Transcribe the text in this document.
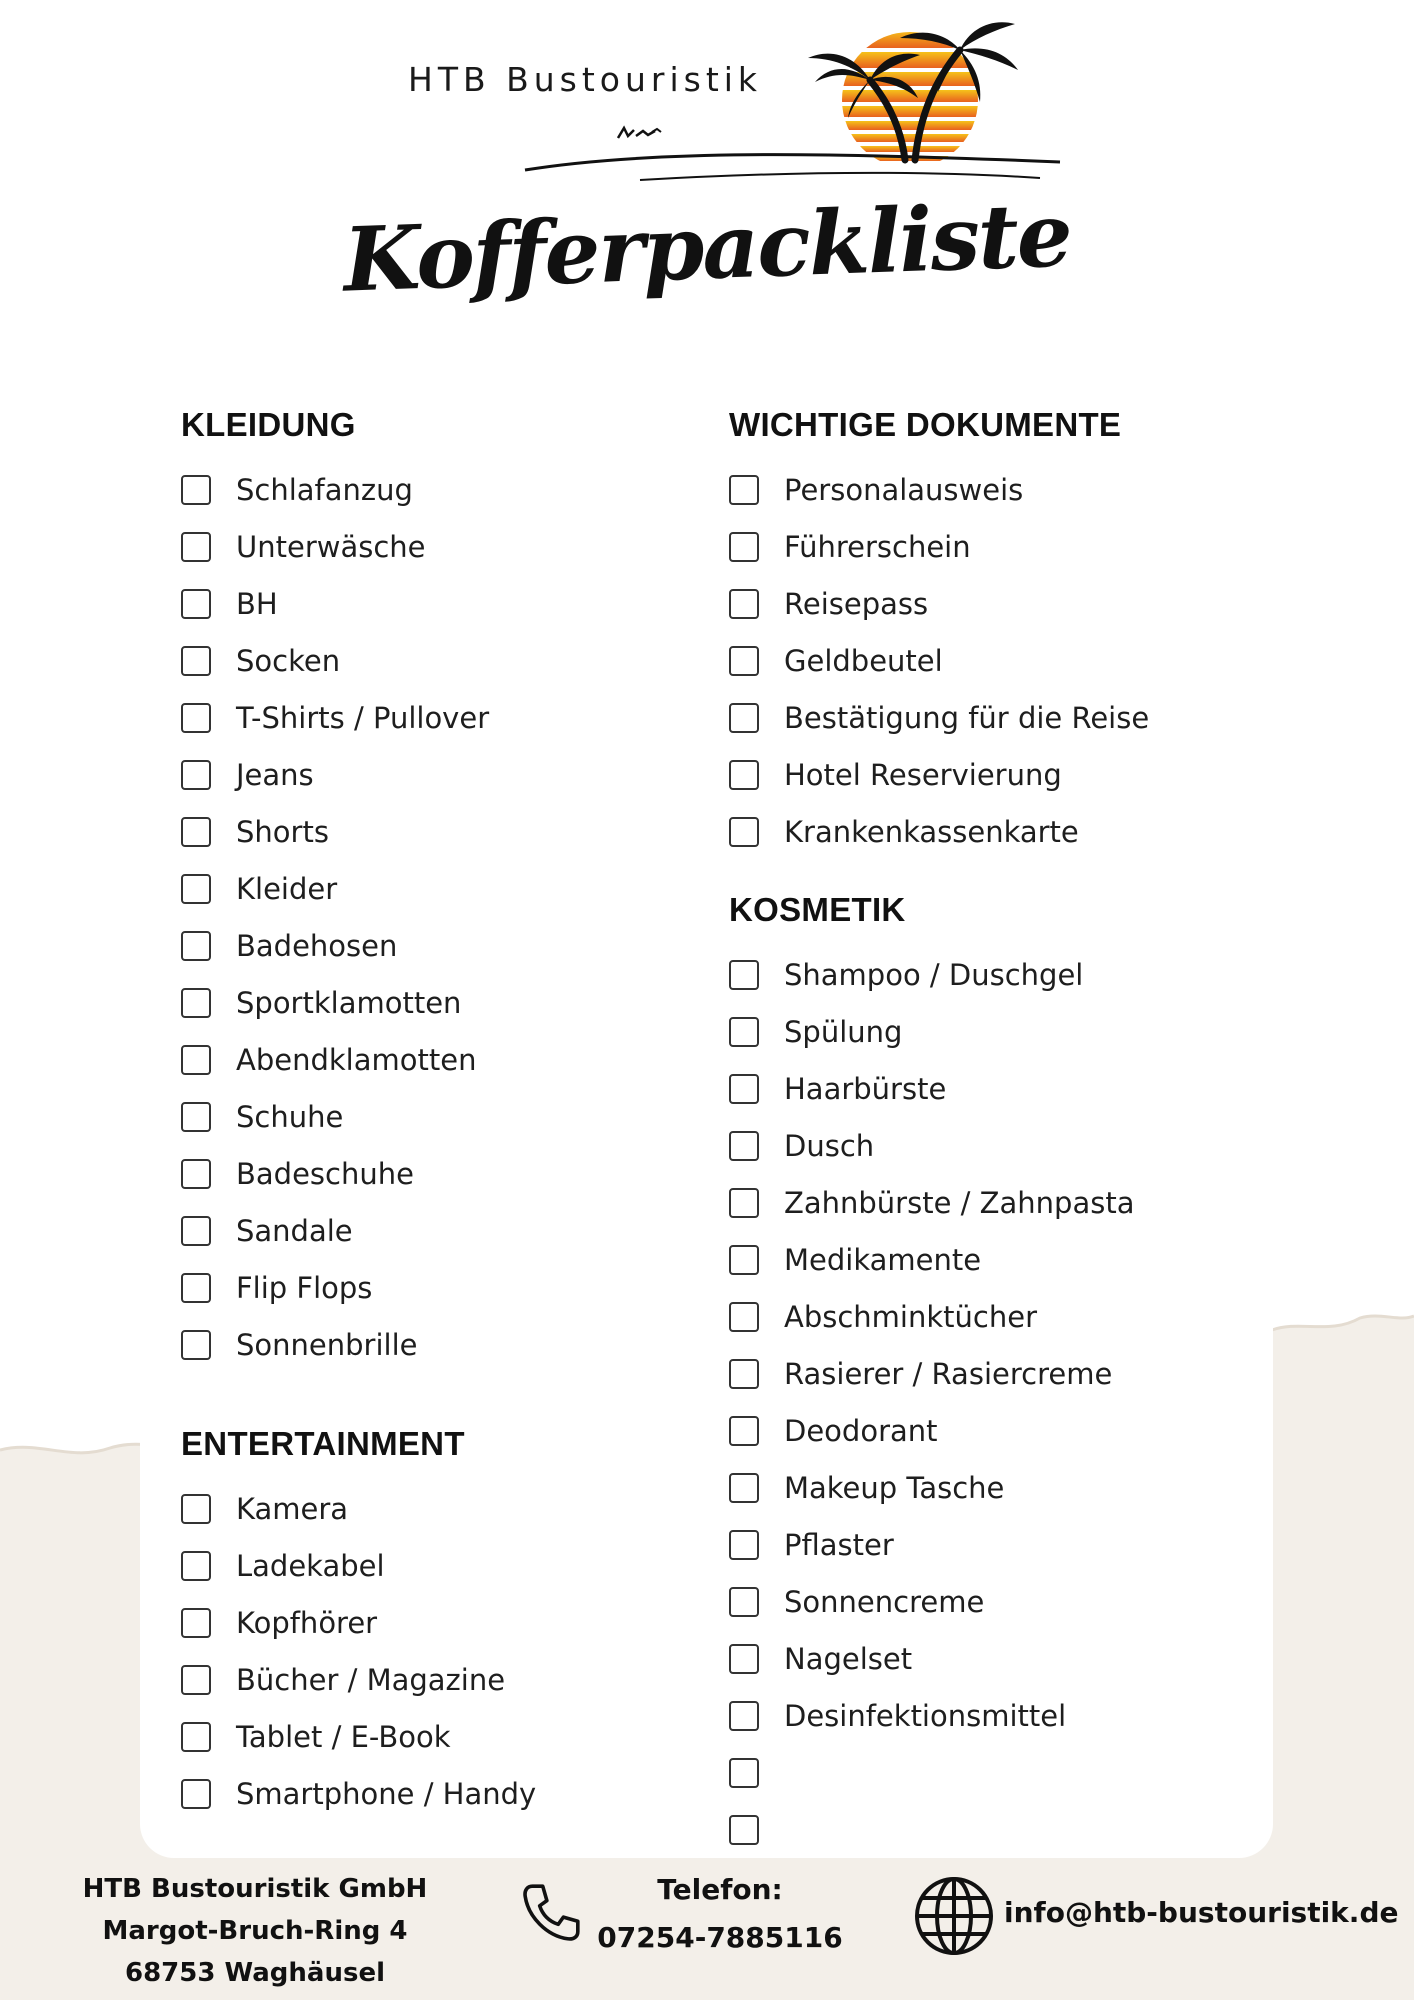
HTB Bustouristik
Kofferpackliste
KLEIDUNG
Schlafanzug
Unterwäsche
BH
Socken
T-Shirts / Pullover
Jeans
Shorts
Kleider
Badehosen
Sportklamotten
Abendklamotten
Schuhe
Badeschuhe
Sandale
Flip Flops
Sonnenbrille
ENTERTAINMENT
Kamera
Ladekabel
Kopfhörer
Bücher / Magazine
Tablet / E-Book
Smartphone / Handy
WICHTIGE DOKUMENTE
Personalausweis
Führerschein
Reisepass
Geldbeutel
Bestätigung für die Reise
Hotel Reservierung
Krankenkassenkarte
KOSMETIK
Shampoo / Duschgel
Spülung
Haarbürste
Dusch
Zahnbürste / Zahnpasta
Medikamente
Abschminktücher
Rasierer / Rasiercreme
Deodorant
Makeup Tasche
Pflaster
Sonnencreme
Nagelset
Desinfektionsmittel
HTB Bustouristik GmbH
Margot-Bruch-Ring 4
68753 Waghäusel
Telefon:
07254-7885116
info@htb-bustouristik.de
